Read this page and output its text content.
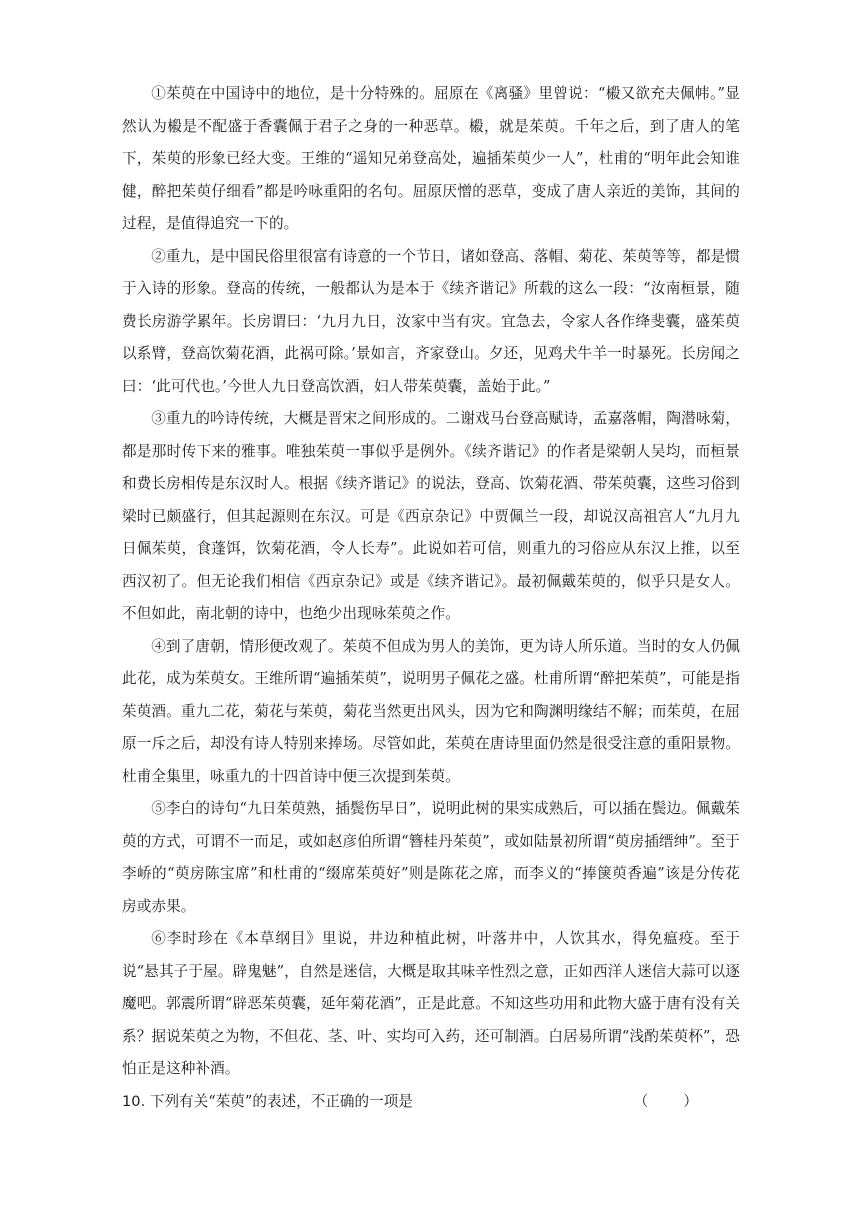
①茱萸在中国诗中的地位，是十分特殊的。屈原在《离骚》里曾说：“榝又欲充夫佩帏。”显然认为榝是不配盛于香囊佩于君子之身的一种恶草。榝，就是茱萸。千年之后，到了唐人的笔下，茱萸的形象已经大变。王维的“遥知兄弟登高处，遍插茱萸少一人”，杜甫的“明年此会知谁健，醉把茱萸仔细看”都是吟咏重阳的名句。屈原厌憎的恶草，变成了唐人亲近的美饰，其间的过程，是值得追究一下的。

②重九，是中国民俗里很富有诗意的一个节日，诸如登高、落帽、菊花、茱萸等等，都是惯于入诗的形象。登高的传统，一般都认为是本于《续齐谐记》所载的这么一段：“汝南桓景，随费长房游学累年。长房谓曰：‘九月九日，汝家中当有灾。宜急去，令家人各作绛斐囊，盛茱萸以系臂，登高饮菊花酒，此祸可除。’景如言，齐家登山。夕还，见鸡犬牛羊一时暴死。长房闻之曰：‘此可代也。’今世人九日登高饮酒，妇人带茱萸囊，盖始于此。”

③重九的吟诗传统，大概是晋宋之间形成的。二谢戏马台登高赋诗，孟嘉落帽，陶潜咏菊，都是那时传下来的雅事。唯独茱萸一事似乎是例外。《续齐谐记》的作者是梁朝人吴均，而桓景和费长房相传是东汉时人。根据《续齐谐记》的说法，登高、饮菊花酒、带茱萸囊，这些习俗到梁时已颇盛行，但其起源则在东汉。可是《西京杂记》中贾佩兰一段，却说汉高祖宫人“九月九日佩茱萸，食蓬饵，饮菊花酒，令人长寿”。此说如若可信，则重九的习俗应从东汉上推，以至西汉初了。但无论我们相信《西京杂记》或是《续齐谐记》。最初佩戴茱萸的，似乎只是女人。不但如此，南北朝的诗中，也绝少出现咏茱萸之作。

④到了唐朝，情形便改观了。茱萸不但成为男人的美饰，更为诗人所乐道。当时的女人仍佩此花，成为茱萸女。王维所谓“遍插茱萸”，说明男子佩花之盛。杜甫所谓“醉把茱萸”，可能是指茱萸酒。重九二花，菊花与茱萸，菊花当然更出风头，因为它和陶渊明缘结不解；而茱萸，在屈原一斥之后，却没有诗人特别来捧场。尽管如此，茱萸在唐诗里面仍然是很受注意的重阳景物。杜甫全集里，咏重九的十四首诗中便三次提到茱萸。

⑤李白的诗句“九日茱萸熟，插鬓伤早日”，说明此树的果实成熟后，可以插在鬓边。佩戴茱萸的方式，可谓不一而足，或如赵彦伯所谓“簪桂丹茱萸”，或如陆景初所谓“萸房插缙绅”。至于李峤的“萸房陈宝席”和杜甫的“缀席茱萸好”则是陈花之席，而李义的“捧箧萸香遍”该是分传花房或赤果。

⑥李时珍在《本草纲目》里说，井边种植此树，叶落井中，人饮其水，得免瘟疫。至于说“悬其子于屋。辟鬼魅”，自然是迷信，大概是取其味辛性烈之意，正如西洋人迷信大蒜可以逐魔吧。郭震所谓“辟恶茱萸囊，延年菊花酒”，正是此意。不知这些功用和此物大盛于唐有没有关系？据说茱萸之为物，不但花、茎、叶、实均可入药，还可制酒。白居易所谓“浅酌茱萸杯”，恐怕正是这种补酒。

10. 下列有关“茱萸”的表述，不正确的一项是	（　　）
